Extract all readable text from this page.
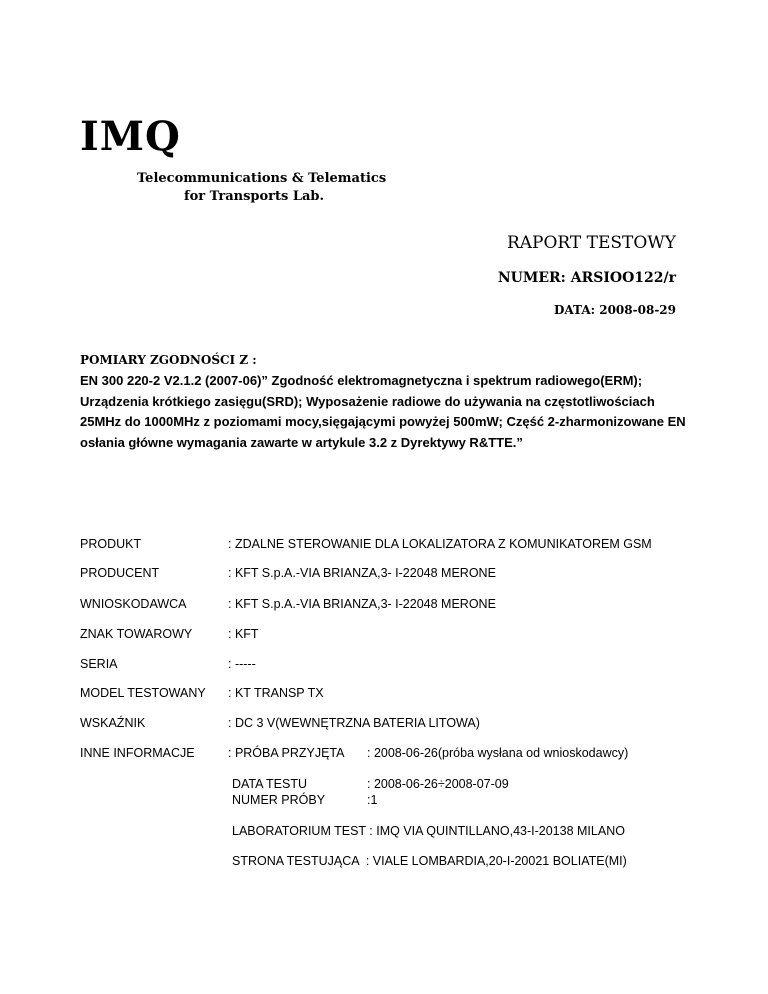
IMQ
Telecommunications & Telematics
for Transports Lab.
RAPORT TESTOWY
NUMER: ARSIOO122/r
DATA: 2008-08-29
POMIARY ZGODNOŚCI Z :
EN 300 220-2 V2.1.2 (2007-06)” Zgodność elektromagnetyczna i spektrum radiowego(ERM); Urządzenia krótkiego zasięgu(SRD); Wyposażenie radiowe do używania na częstotliwościach 25MHz do 1000MHz z poziomami mocy,sięgającymi powyżej 500mW; Część 2-zharmonizowane EN osłania główne wymagania zawarte w artykule 3.2 z Dyrektywy R&TTE.”
PRODUKT	: ZDALNE STEROWANIE DLA LOKALIZATORA Z KOMUNIKATOREM GSM
PRODUCENT	: KFT S.p.A.-VIA BRIANZA,3- I-22048 MERONE
WNIOSKODAWCA	: KFT S.p.A.-VIA BRIANZA,3- I-22048 MERONE
ZNAK TOWAROWY	: KFT
SERIA	: -----
MODEL TESTOWANY : KT TRANSP TX
WSKAŹNIK	: DC 3 V(WEWNĘTRZNA BATERIA LITOWA)
INNE INFORMACJE	: PRÓBA PRZYJĘTA : 2008-06-26(próba wysłana od wnioskodawcy)
DATA TESTU	: 2008-06-26÷2008-07-09
NUMER PRÓBY	:1
LABORATORIUM TEST : IMQ VIA QUINTILLANO,43-I-20138 MILANO
STRONA TESTUJĄCA  : VIALE LOMBARDIA,20-I-20021 BOLIATE(MI)
